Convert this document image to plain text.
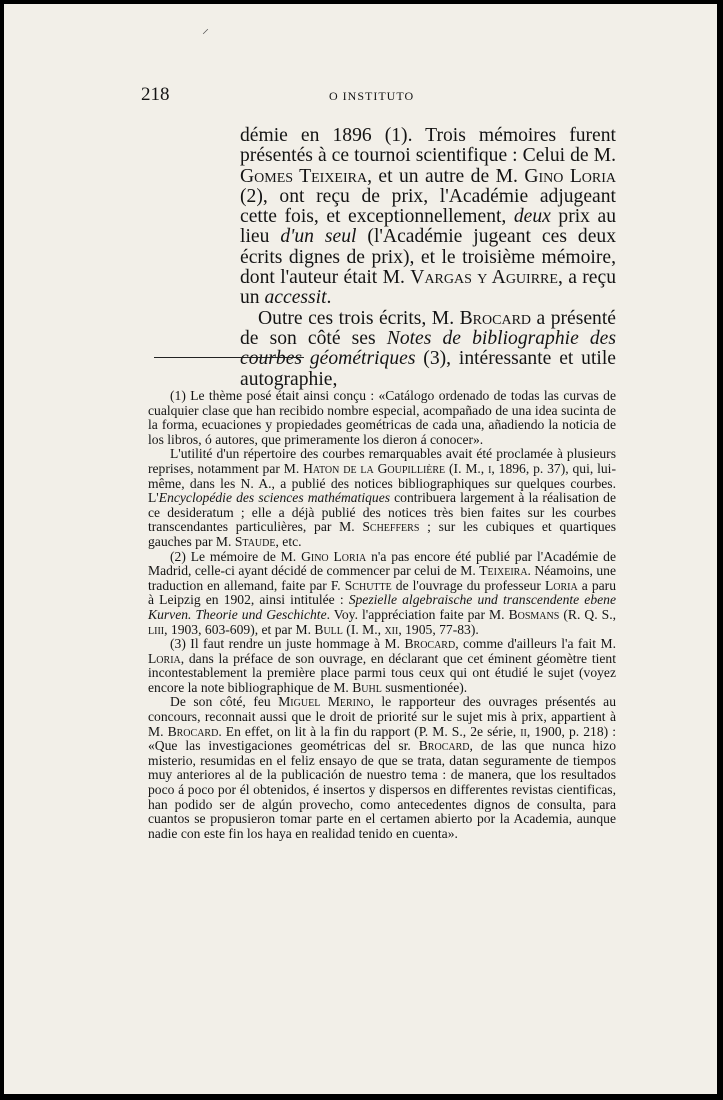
⸝
218	O INSTITUTO

démie en 1896 (1). Trois mémoires furent présentés à ce tournoi scientifique : Celui de M. Gomes Teixeira, et un autre de M. Gino Loria (2), ont reçu de prix, l'Académie adjugeant cette fois, et exceptionnellement, deux prix au lieu d'un seul (l'Académie jugeant ces deux écrits dignes de prix), et le troisième mémoire, dont l'auteur était M. Vargas y Aguirre, a reçu un accessit.

Outre ces trois écrits, M. Brocard a présenté de son côté ses Notes de bibliographie des courbes géométriques (3), intéressante et utile autographie,

(1) Le thème posé était ainsi conçu : «Catálogo ordenado de todas las curvas de cualquier clase que han recibido nombre especial, acompañado de una idea sucinta de la forma, ecuaciones y propiedades geométricas de cada una, añadiendo la noticia de los libros, ó autores, que primeramente los dieron á conocer».

L'utilité d'un répertoire des courbes remarquables avait été proclamée à plusieurs reprises, notamment par M. Haton de la Goupillière (I. M., i, 1896, p. 37), qui, lui-même, dans les N. A., a publié des notices bibliographiques sur quelques courbes. L'Encyclopédie des sciences mathématiques contribuera largement à la réalisation de ce desideratum ; elle a déjà publié des notices très bien faites sur les courbes transcendantes particulières, par M. Scheffers ; sur les cubiques et quartiques gauches par M. Staude, etc.

(2) Le mémoire de M. Gino Loria n'a pas encore été publié par l'Académie de Madrid, celle-ci ayant décidé de commencer par celui de M. Teixeira. Néamoins, une traduction en allemand, faite par F. Schutte de l'ouvrage du professeur Loria a paru à Leipzig en 1902, ainsi intitulée : Spezielle algebraische und transcendente ebene Kurven. Theorie und Geschichte. Voy. l'appréciation faite par M. Bosmans (R. Q. S., liii, 1903, 603-609), et par M. Bull (I. M., xii, 1905, 77-83).

(3) Il faut rendre un juste hommage à M. Brocard, comme d'ailleurs l'a fait M. Loria, dans la préface de son ouvrage, en déclarant que cet éminent géomètre tient incontestablement la première place parmi tous ceux qui ont étudié le sujet (voyez encore la note bibliographique de M. Buhl susmentionée).

De son côté, feu Miguel Merino, le rapporteur des ouvrages présentés au concours, reconnait aussi que le droit de priorité sur le sujet mis à prix, appartient à M. Brocard. En effet, on lit à la fin du rapport (P. M. S., 2e série, ii, 1900, p. 218) : «Que las investigaciones geométricas del sr. Brocard, de las que nunca hizo misterio, resumidas en el feliz ensayo de que se trata, datan seguramente de tiempos muy anteriores al de la publicación de nuestro tema : de manera, que los resultados poco á poco por él obtenidos, é insertos y dispersos en differentes revistas cientificas, han podido ser de algún provecho, como antecedentes dignos de consulta, para cuantos se propusieron tomar parte en el certamen abierto por la Academia, aunque nadie con este fin los haya en realidad tenido en cuenta».
